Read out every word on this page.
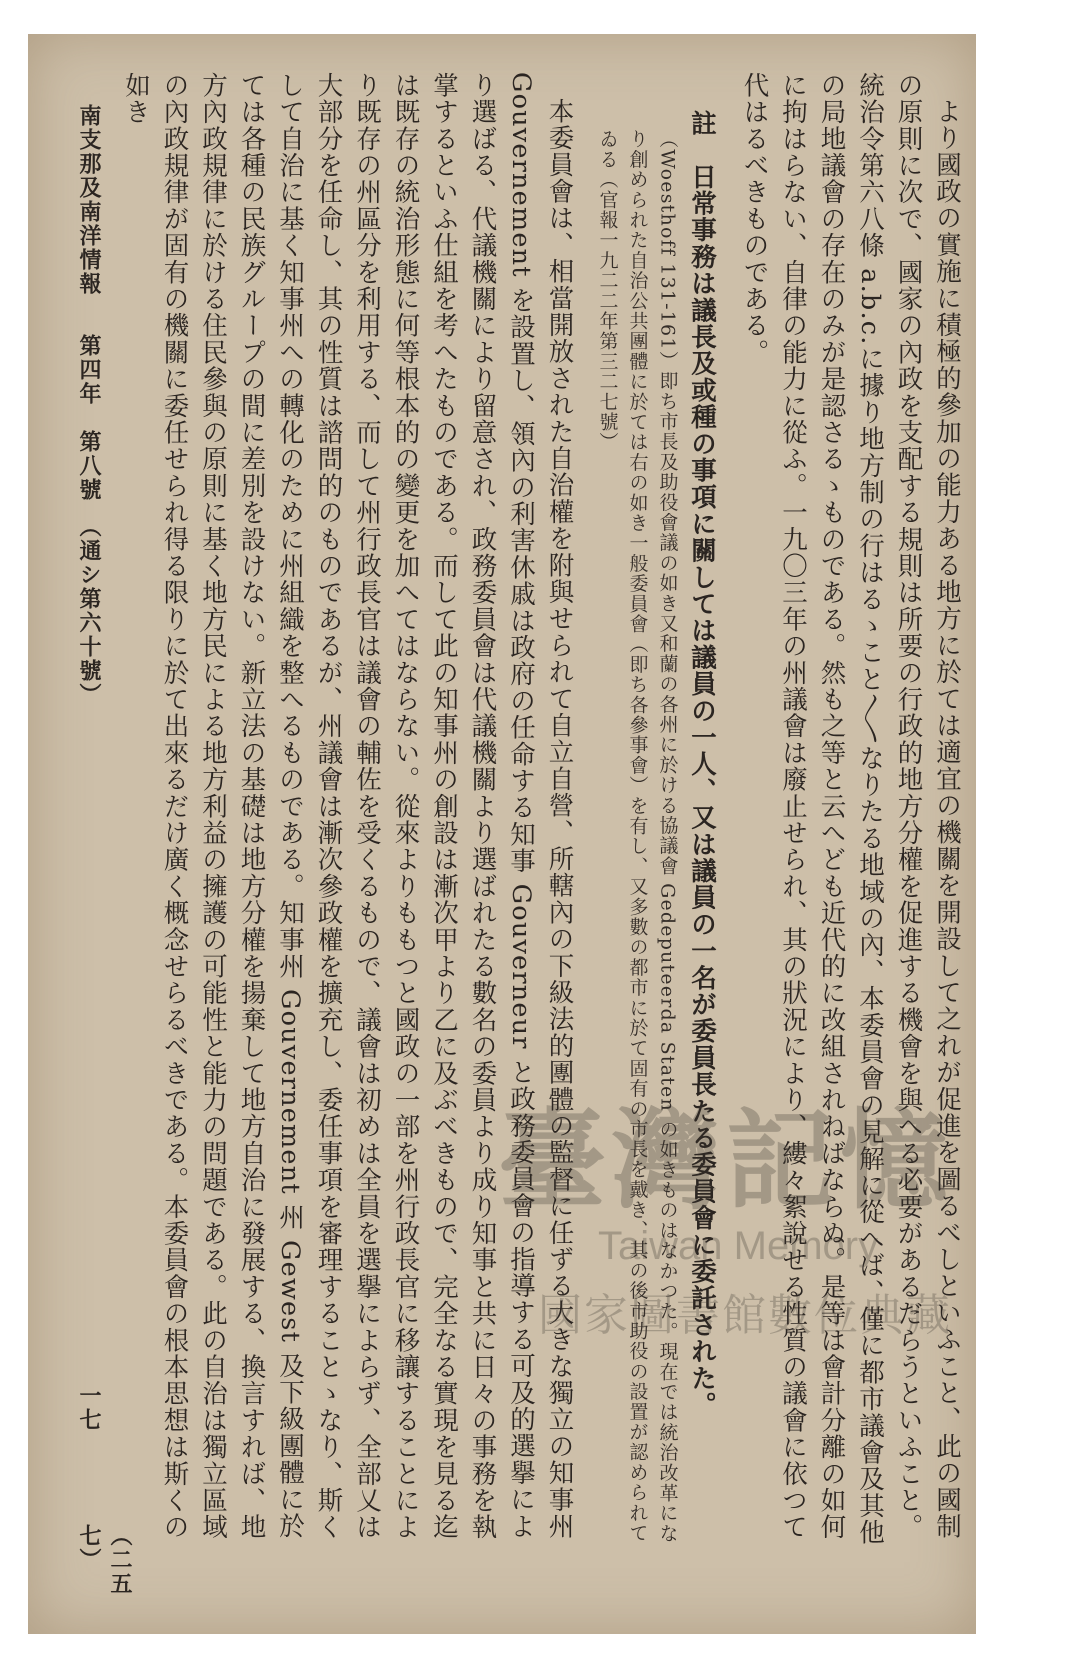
より國政の實施に積極的參加の能力ある地方に於ては適宜の機關を開設して之れが促進を圖るべしといふこと、此の國制の原則に次で、國家の內政を支配する規則は所要の行政的地方分權を促進する機會を與へる必要があるだらうといふこと。統治令第六八條 a.b.c.に據り地方制の行はるゝこと〳〵なりたる地域の內、本委員會の見解に從へば、僅に都市議會及其他の局地議會の存在のみが是認さるゝものである。然も之等と云へども近代的に改組されねばならぬ。是等は會計分離の如何に拘はらない、自律の能力に從ふ。一九〇三年の州議會は廢止せられ、其の狀況により、縷々絮說せる性質の議會に依つて代はるべきものである。

註　日常事務は議長及或種の事項に關しては議員の一人、又は議員の一名が委員長たる委員會に委託された。

（Woesthoff 131-161）即ち市長及助役會議の如き又和蘭の各州に於ける協議會 Gedeputeerda Staten の如きものはなかつた。現在では統治改革になり創められた自治公共團體に於ては右の如き一般委員會（即ち各參事會）を有し、又多數の都市に於て固有の市長を戴き、其の後市助役の設置が認められてゐる（官報一九二二年第三二七號）

本委員會は、相當開放された自治權を附與せられて自立自營、所轄內の下級法的團體の監督に任ずる大きな獨立の知事州 Gouvernement を設置し、領內の利害休戚は政府の任命する知事 Gouverneur と政務委員會の指導する可及的選擧により選ばる、代議機關により留意され、政務委員會は代議機關より選ばれたる數名の委員より成り知事と共に日々の事務を執掌するといふ仕組を考へたものである。而して此の知事州の創設は漸次甲より乙に及ぶべきもので、完全なる實現を見る迄は既存の統治形態に何等根本的の變更を加へてはならない。從來よりももつと國政の一部を州行政長官に移讓することにより既存の州區分を利用する、而して州行政長官は議會の輔佐を受くるもので、議會は初めは全員を選擧によらず、全部乂は大部分を任命し、其の性質は諮問的のものであるが、州議會は漸次參政權を擴充し、委任事項を審理することゝなり、斯くして自治に基く知事州への轉化のために州組織を整へるものである。知事州 Gouvernement 州 Gewest 及下級團體に於ては各種の民族グループの間に差別を設けない。新立法の基礎は地方分權を揚棄して地方自治に發展する、換言すれば、地方內政規律に於ける住民參與の原則に基く地方民による地方利益の擁護の可能性と能力の問題である。此の自治は獨立區域の內政規律が固有の機關に委任せられ得る限りに於て出來るだけ廣く概念せらるべきである。本委員會の根本思想は斯くの如き

南支那及南洋情報
第四年　第八號　（通シ第六十號）
一七
（二五七）
臺灣記憶
Taiwan Memory
國家圖書館數位典藏
